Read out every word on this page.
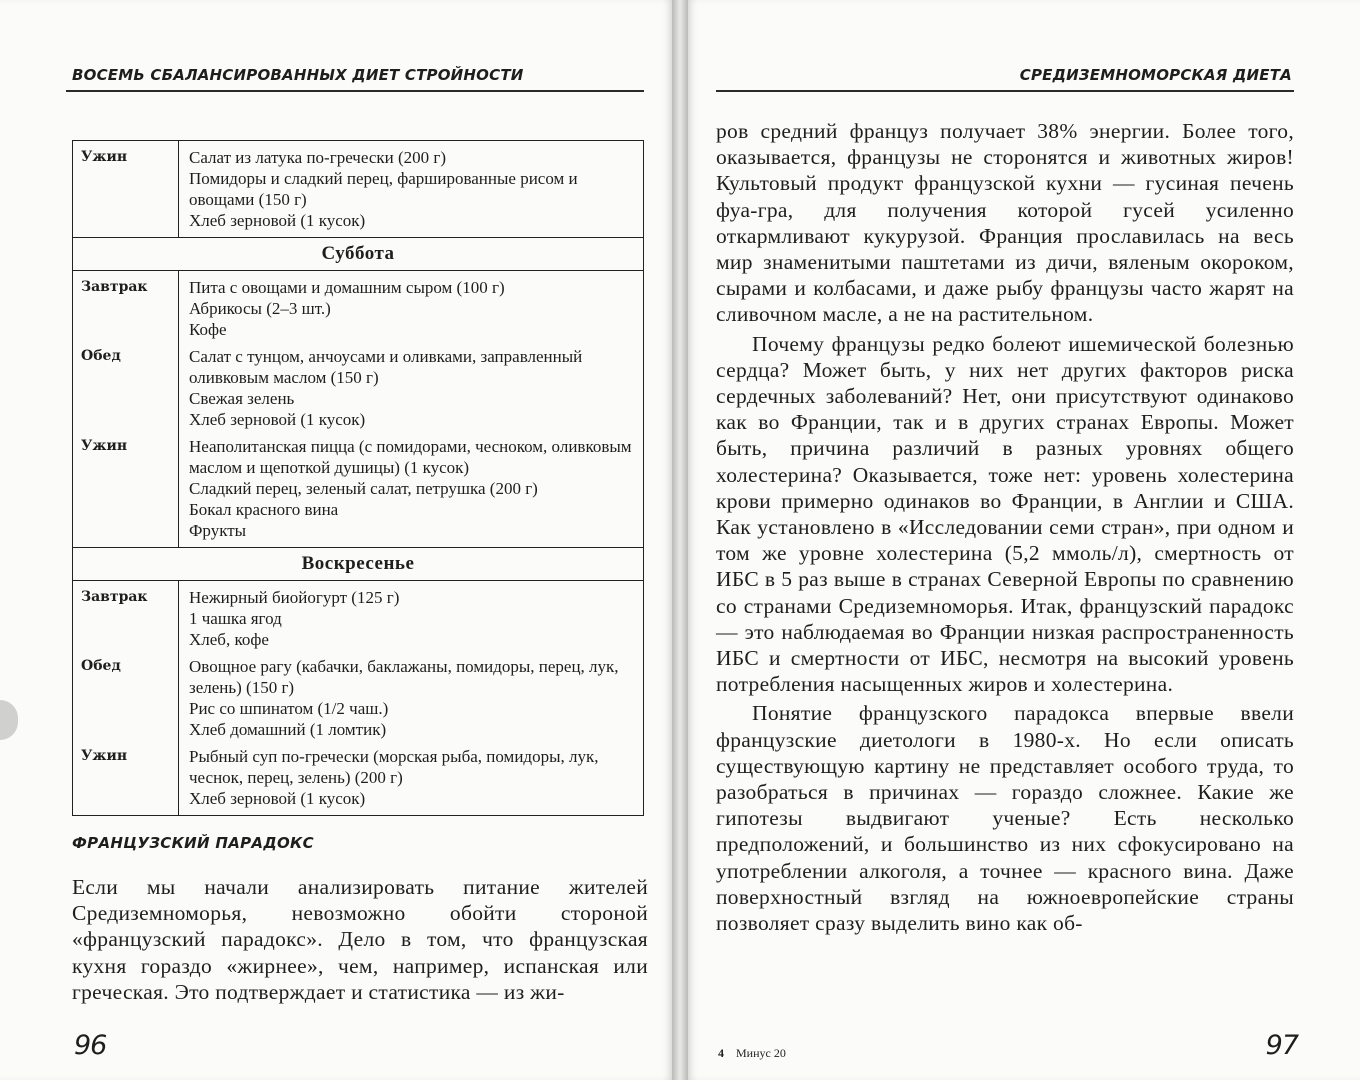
ВОСЕМЬ СБАЛАНСИРОВАННЫХ ДИЕТ СТРОЙНОСТИ
Ужин	Салат из латука по-гречески (200 г)
Помидоры и сладкий перец, фаршированные рисом и овощами (150 г)
Хлеб зерновой (1 кусок)

Суббота	
Завтрак	Пита с овощами и домашним сыром (100 г)
Абрикосы (2–3 шт.)
Кофе

Обед	Салат с тунцом, анчоусами и оливками, заправленный оливковым маслом (150 г)
Свежая зелень
Хлеб зерновой (1 кусок)

Ужин	Неаполитанская пицца (с помидорами, чесноком, оливковым маслом и щепоткой душицы) (1 кусок)
Сладкий перец, зеленый салат, петрушка (200 г)
Бокал красного вина
Фрукты

Воскресенье	
Завтрак	Нежирный биойогурт (125 г)
1 чашка ягод
Хлеб, кофе

Обед	Овощное рагу (кабачки, баклажаны, помидоры, перец, лук, зелень) (150 г)
Рис со шпинатом (1/2 чаш.)
Хлеб домашний (1 ломтик)

Ужин	Рыбный суп по-гречески (морская рыба, помидоры, лук, чеснок, перец, зелень) (200 г)
Хлеб зерновой (1 кусок)
ФРАНЦУЗСКИЙ ПАРАДОКС

Если мы начали анализировать питание жителей Средиземноморья, невозможно обойти стороной «французский парадокс». Дело в том, что французская кухня гораздо «жирнее», чем, например, испанская или греческая. Это подтверждает и статистика — из жи-

96
СРЕДИЗЕМНОМОРСКАЯ ДИЕТА

ров средний француз получает 38% энергии. Более того, оказывается, французы не сторонятся и животных жиров! Культовый продукт французской кухни — гусиная печень фуа-гра, для получения которой гусей усиленно откармливают кукурузой. Франция прославилась на весь мир знаменитыми паштетами из дичи, вяленым окороком, сырами и колбасами, и даже рыбу французы часто жарят на сливочном масле, а не на растительном.

Почему французы редко болеют ишемической болезнью сердца? Может быть, у них нет других факторов риска сердечных заболеваний? Нет, они присутствуют одинаково как во Франции, так и в других странах Европы. Может быть, причина различий в разных уровнях общего холестерина? Оказывается, тоже нет: уровень холестерина крови примерно одинаков во Франции, в Англии и США. Как установлено в «Исследовании семи стран», при одном и том же уровне холестерина (5,2 ммоль/л), смертность от ИБС в 5 раз выше в странах Северной Европы по сравнению со странами Средиземноморья. Итак, французский парадокс — это наблюдаемая во Франции низкая распространенность ИБС и смертности от ИБС, несмотря на высокий уровень потребления насыщенных жиров и холестерина.

Понятие французского парадокса впервые ввели французские диетологи в 1980-х. Но если описать существующую картину не представляет особого труда, то разобраться в причинах — гораздо сложнее. Какие же гипотезы выдвигают ученые? Есть несколько предположений, и большинство из них сфокусировано на употреблении алкоголя, а точнее — красного вина. Даже поверхностный взгляд на южноевропейские страны позволяет сразу выделить вино как об-

4 Минус 20	97
